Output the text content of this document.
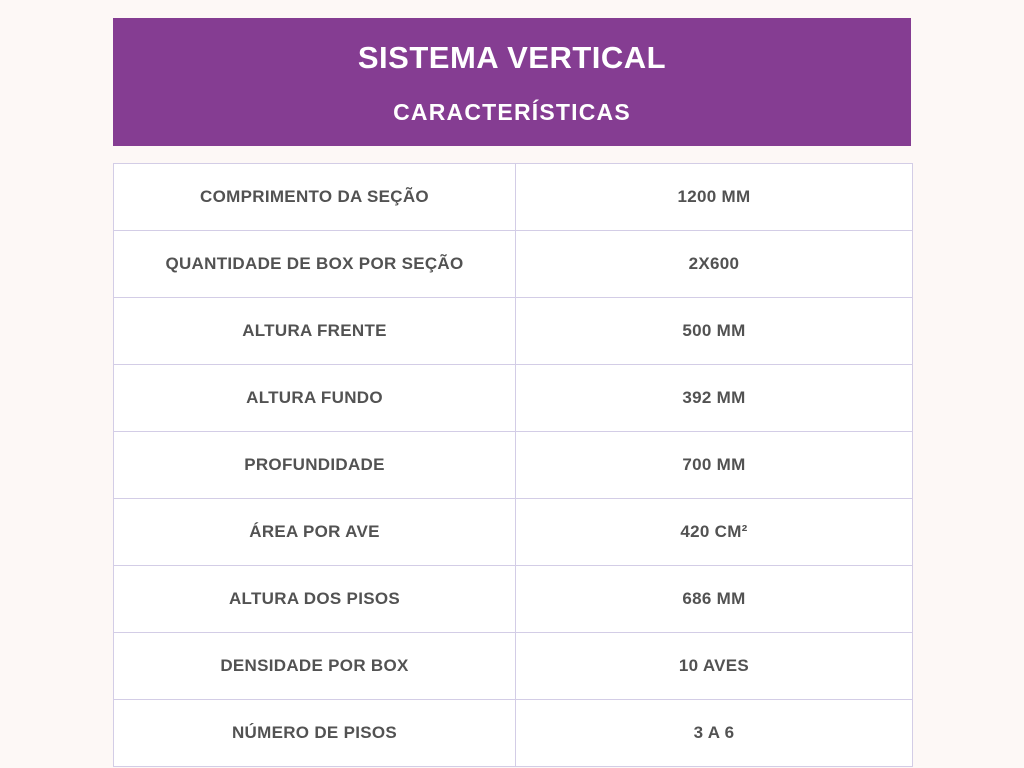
SISTEMA VERTICAL
CARACTERÍSTICAS
COMPRIMENTO DA SEÇÃO	1200 MM
QUANTIDADE DE BOX POR SEÇÃO	2X600
ALTURA FRENTE	500 MM
ALTURA FUNDO	392 MM
PROFUNDIDADE	700 MM
ÁREA POR AVE	420 CM²
ALTURA DOS PISOS	686 MM
DENSIDADE POR BOX	10 AVES
NÚMERO DE PISOS	3 A 6
